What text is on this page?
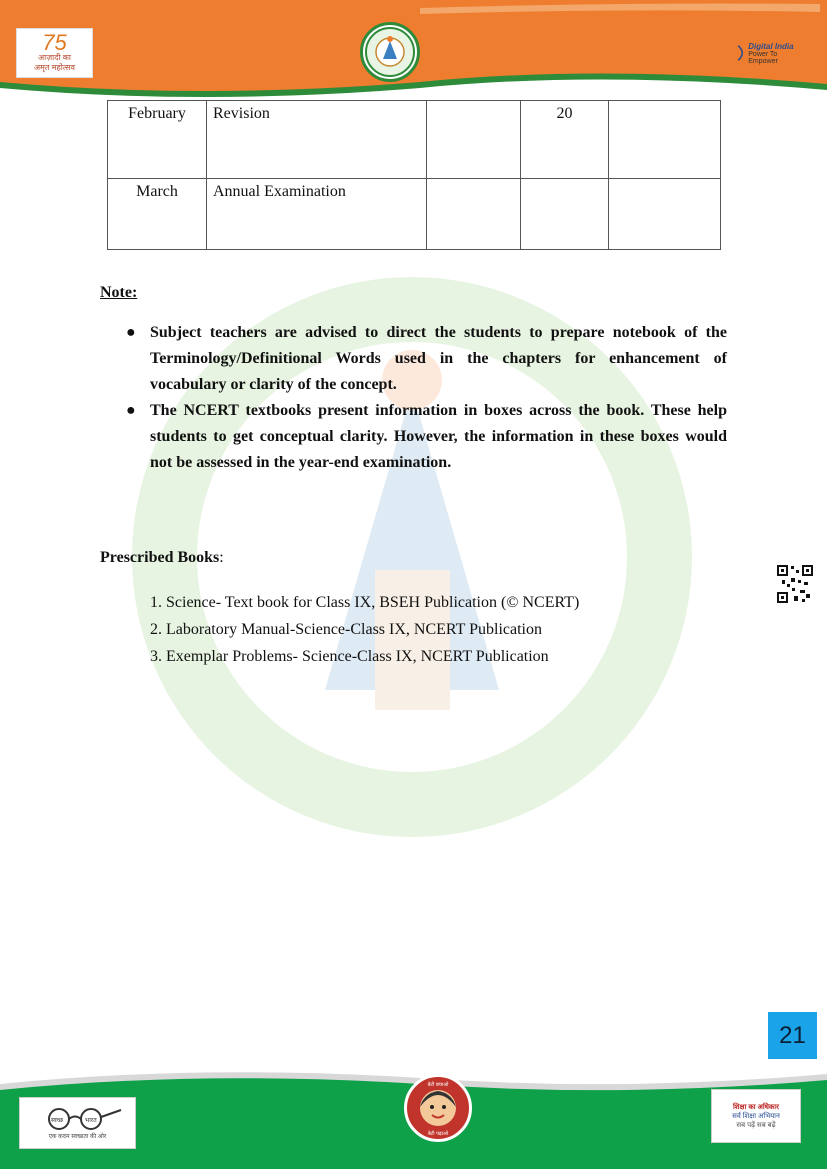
75
आज़ादी का
अमृत महोत्सव
Digital India
Power To Empower
February	Revision		20	
March	Annual Examination			
Note:
● Subject teachers are advised to direct the students to prepare notebook of the Terminology/Definitional Words used in the chapters for enhancement of vocabulary or clarity of the concept.
● The NCERT textbooks present information in boxes across the book. These help students to get conceptual clarity. However, the information in these boxes would not be assessed in the year-end examination.
Prescribed Books:
1. Science- Text book for Class IX, BSEH Publication (© NCERT)
2. Laboratory Manual-Science-Class IX, NCERT Publication
3. Exemplar Problems- Science-Class IX, NCERT Publication
21
स्वच्छ	भारत
एक कदम स्वच्छता की ओर
बेटी बचाओ
बेटी पढ़ाओ
शिक्षा का अधिकार
सर्व शिक्षा अभियान
सब पढ़ें सब बढ़ें
